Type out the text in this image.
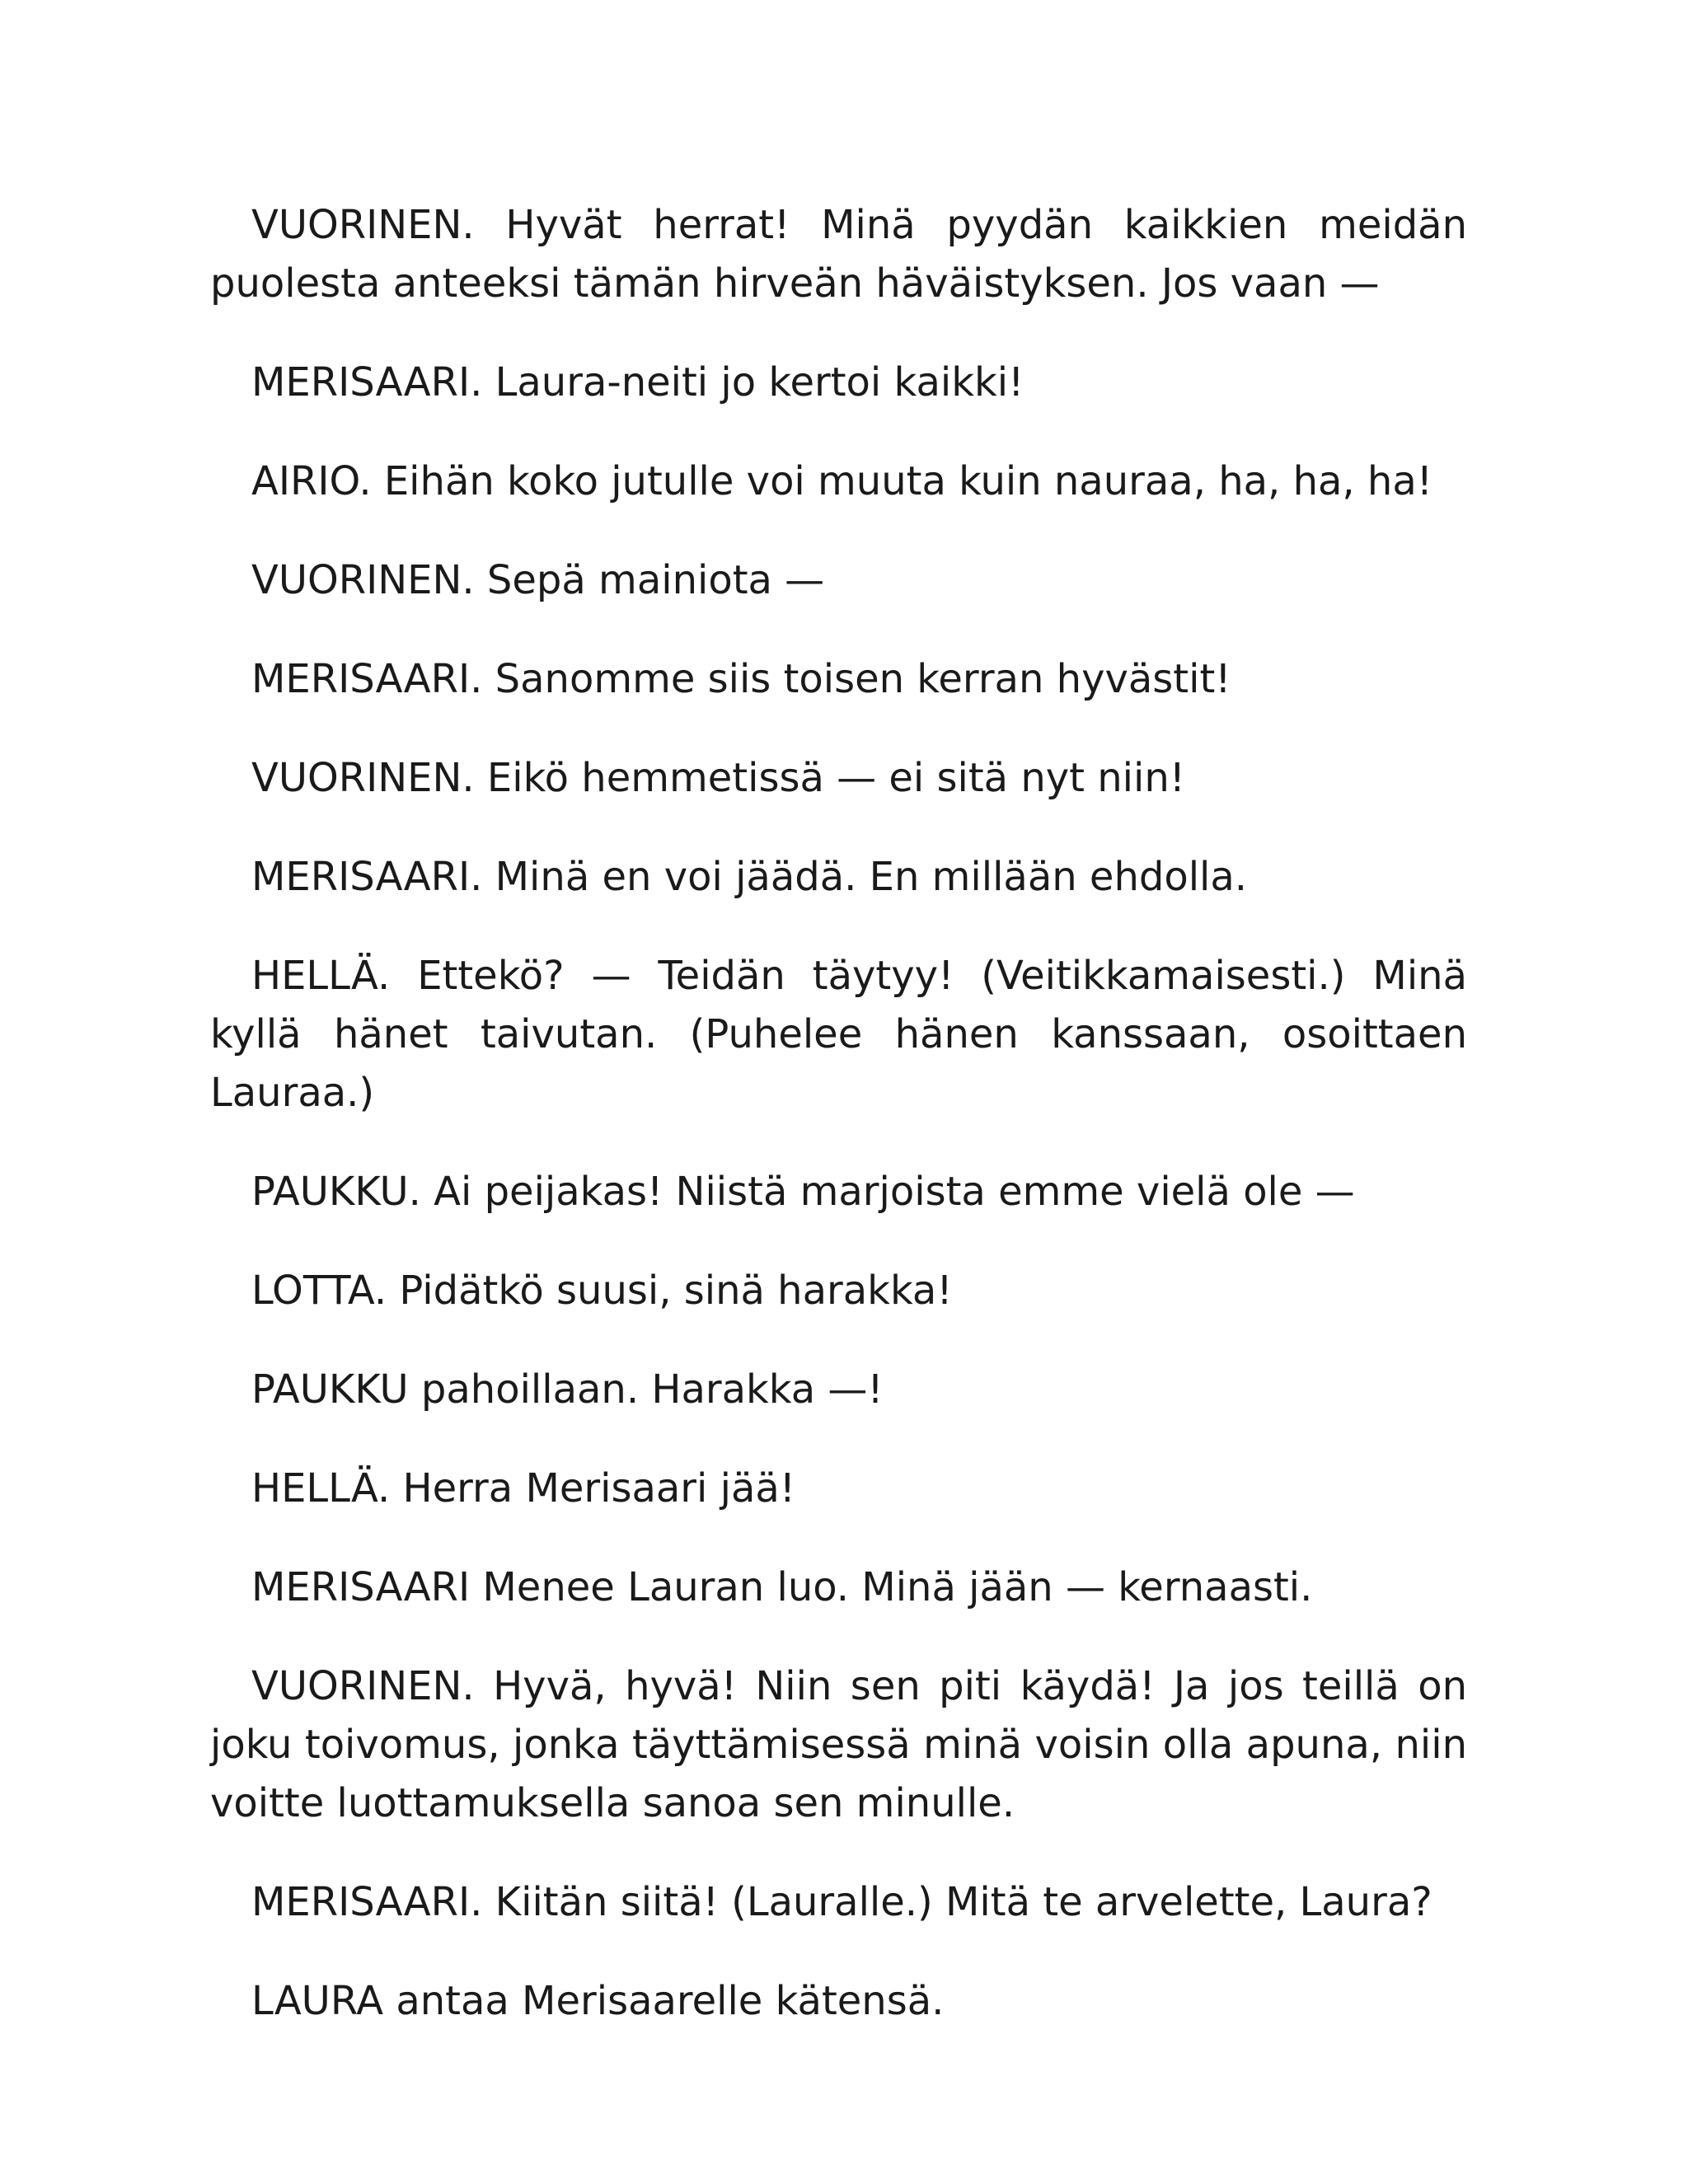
VUORINEN. Hyvät herrat! Minä pyydän kaikkien meidän puolesta anteeksi tämän hirveän häväistyksen. Jos vaan —

MERISAARI. Laura-neiti jo kertoi kaikki!

AIRIO. Eihän koko jutulle voi muuta kuin nauraa, ha, ha, ha!

VUORINEN. Sepä mainiota —

MERISAARI. Sanomme siis toisen kerran hyvästit!

VUORINEN. Eikö hemmetissä — ei sitä nyt niin!

MERISAARI. Minä en voi jäädä. En millään ehdolla.

HELLÄ. Ettekö? — Teidän täytyy! (Veitikkamaisesti.) Minä kyllä hänet taivutan. (Puhelee hänen kanssaan, osoittaen Lauraa.)

PAUKKU. Ai peijakas! Niistä marjoista emme vielä ole —

LOTTA. Pidätkö suusi, sinä harakka!

PAUKKU pahoillaan. Harakka —!

HELLÄ. Herra Merisaari jää!

MERISAARI Menee Lauran luo. Minä jään — kernaasti.

VUORINEN. Hyvä, hyvä! Niin sen piti käydä! Ja jos teillä on joku toivomus, jonka täyttämisessä minä voisin olla apuna, niin voitte luottamuksella sanoa sen minulle.

MERISAARI. Kiitän siitä! (Lauralle.) Mitä te arvelette, Laura?

LAURA antaa Merisaarelle kätensä.
